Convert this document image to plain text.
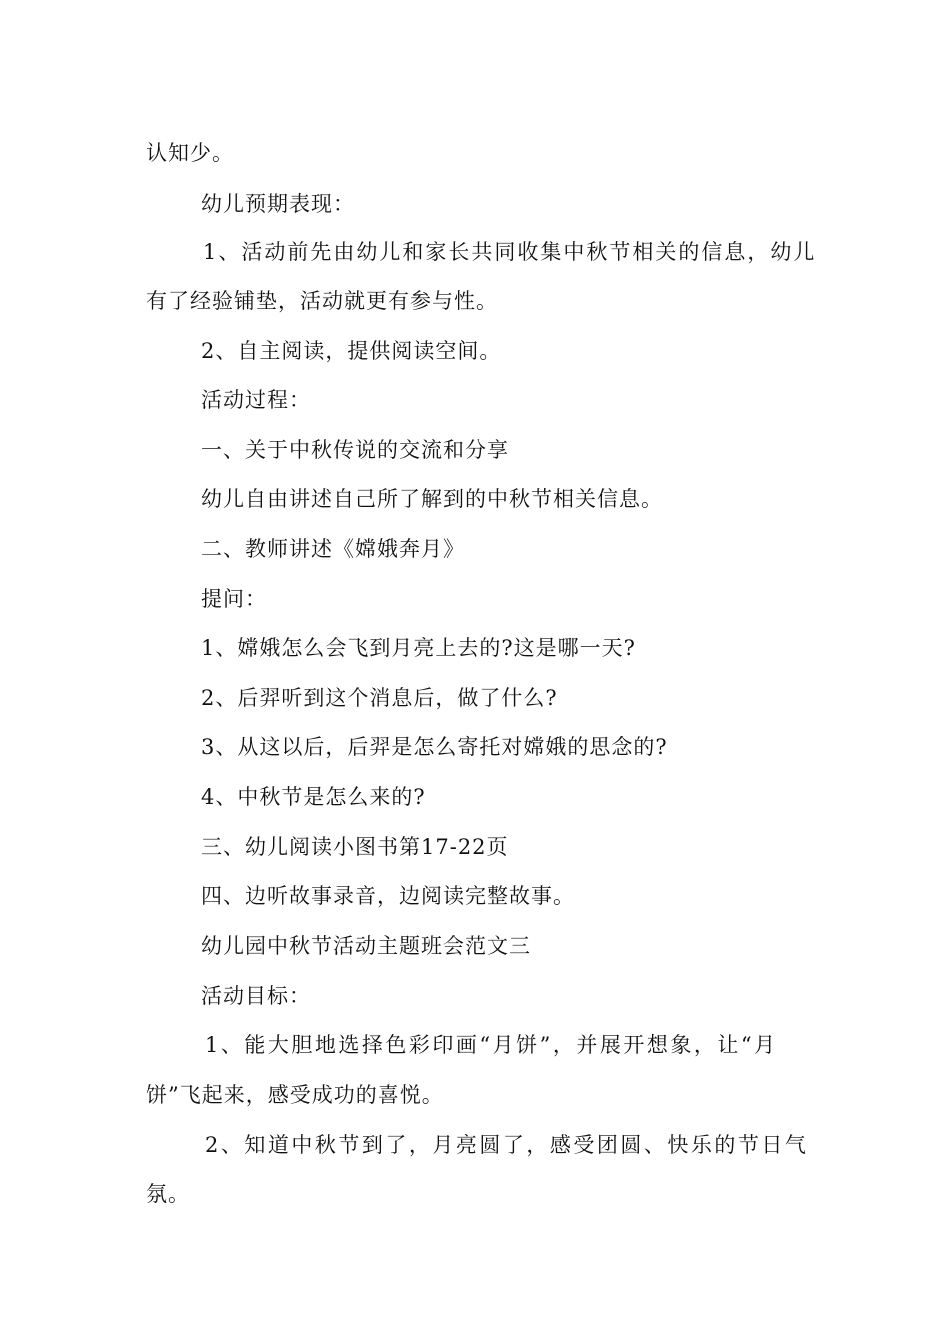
认知少。
幼儿预期表现：
1、活动前先由幼儿和家长共同收集中秋节相关的信息，幼儿
有了经验铺垫，活动就更有参与性。
2、自主阅读，提供阅读空间。
活动过程：
一、关于中秋传说的交流和分享
幼儿自由讲述自己所了解到的中秋节相关信息。
二、教师讲述《嫦娥奔月》
提问：
1、嫦娥怎么会飞到月亮上去的?这是哪一天?
2、后羿听到这个消息后，做了什么?
3、从这以后，后羿是怎么寄托对嫦娥的思念的?
4、中秋节是怎么来的?
三、幼儿阅读小图书第17-22页
四、边听故事录音，边阅读完整故事。
幼儿园中秋节活动主题班会范文三
活动目标：
1、能大胆地选择色彩印画“月饼”，并展开想象，让“月
饼”飞起来，感受成功的喜悦。
2、知道中秋节到了，月亮圆了，感受团圆、快乐的节日气
氛。
